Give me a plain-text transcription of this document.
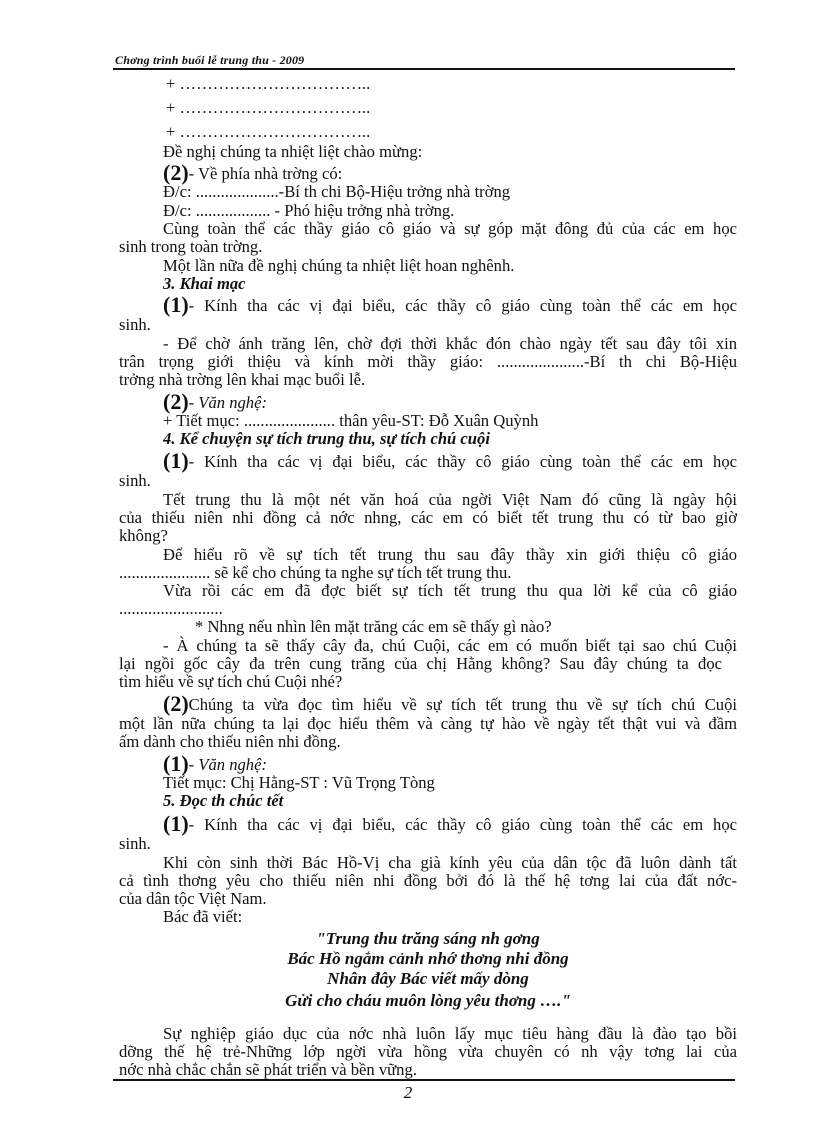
Chơng trình buổi lễ trung thu - 2009
+ ……………………………..
+ ……………………………..
+ ……………………………..
Đề nghị chúng ta nhiệt liệt chào mừng:
(2)- Về phía nhà trờng có:
Đ/c: ....................-Bí th chi Bộ-Hiệu trởng nhà trờng
Đ/c: .................. - Phó hiệu trởng nhà trờng.
Cùng toàn thể các thầy giáo cô giáo và sự góp mặt đông đủ của các em học
sinh trong toàn trờng.
Một lần nữa đề nghị chúng ta nhiệt liệt hoan nghênh.
3. Khai mạc
(1)- Kính tha các vị đại biểu, các thầy cô giáo cùng toàn thể các em học
sinh.
- Để chờ ánh trăng lên, chờ đợi thời khắc đón chào ngày tết sau đây tôi xin
trân trọng giới thiệu và kính mời thầy giáo: .....................-Bí th chi Bộ-Hiệu
trởng nhà trờng lên khai mạc buổi lễ.
(2)- Văn nghệ:
+ Tiết mục: ...................... thân yêu-ST: Đỗ Xuân Quỳnh
4. Kể chuyện sự tích trung thu, sự tích chú cuội
(1)- Kính tha các vị đại biểu, các thầy cô giáo cùng toàn thể các em học
sinh.
Tết trung thu là một nét văn hoá của ngời Việt Nam đó cũng là ngày hội
của thiếu niên nhi đồng cả nớc nhng, các em có biết tết trung thu có từ bao giờ
không?
Để hiểu rõ về sự tích tết trung thu sau đây thầy xin giới thiệu cô giáo
...................... sẽ kể cho chúng ta nghe sự tích tết trung thu.
Vừa rồi các em đã đợc biết sự tích tết trung thu qua lời kể của cô giáo
.........................
* Nhng nếu nhìn lên mặt trăng các em sẽ thấy gì nào?
- À chúng ta sẽ thấy cây đa, chú Cuội, các em có muốn biết tại sao chú Cuội
lại ngồi gốc cây đa trên cung trăng của chị Hằng không? Sau đây chúng ta đọc
tìm hiểu về sự tích chú Cuội nhé?
(2)Chúng ta vừa đọc tìm hiểu về sự tích tết trung thu về sự tích chú Cuội
một lần nữa chúng ta lại đọc hiểu thêm và càng tự hào về ngày tết thật vui và đầm
ấm dành cho thiếu niên nhi đồng.
(1)- Văn nghệ:
Tiết mục: Chị Hằng-ST : Vũ Trọng Tòng
5. Đọc th chúc tết
(1)- Kính tha các vị đại biểu, các thầy cô giáo cùng toàn thể các em học
sinh.
Khi còn sinh thời Bác Hồ-Vị cha già kính yêu của dân tộc đã luôn dành tất
cả tình thơng yêu cho thiếu niên nhi đồng bởi đó là thế hệ tơng lai của đất nớc-
của dân tộc Việt Nam.
Bác đã viết:
"Trung thu trăng sáng nh gơng
Bác Hồ ngắm cảnh nhớ thơng nhi đồng
Nhân đây Bác viết mấy dòng
Gửi cho cháu muôn lòng yêu thơng …."
Sự nghiệp giáo dục của nớc nhà luôn lấy mục tiêu hàng đầu là đào tạo bồi
dỡng thế hệ trẻ-Những lớp ngời vừa hồng vừa chuyên có nh vậy tơng lai của
nớc nhà chắc chắn sẽ phát triển và bền vững.
2
